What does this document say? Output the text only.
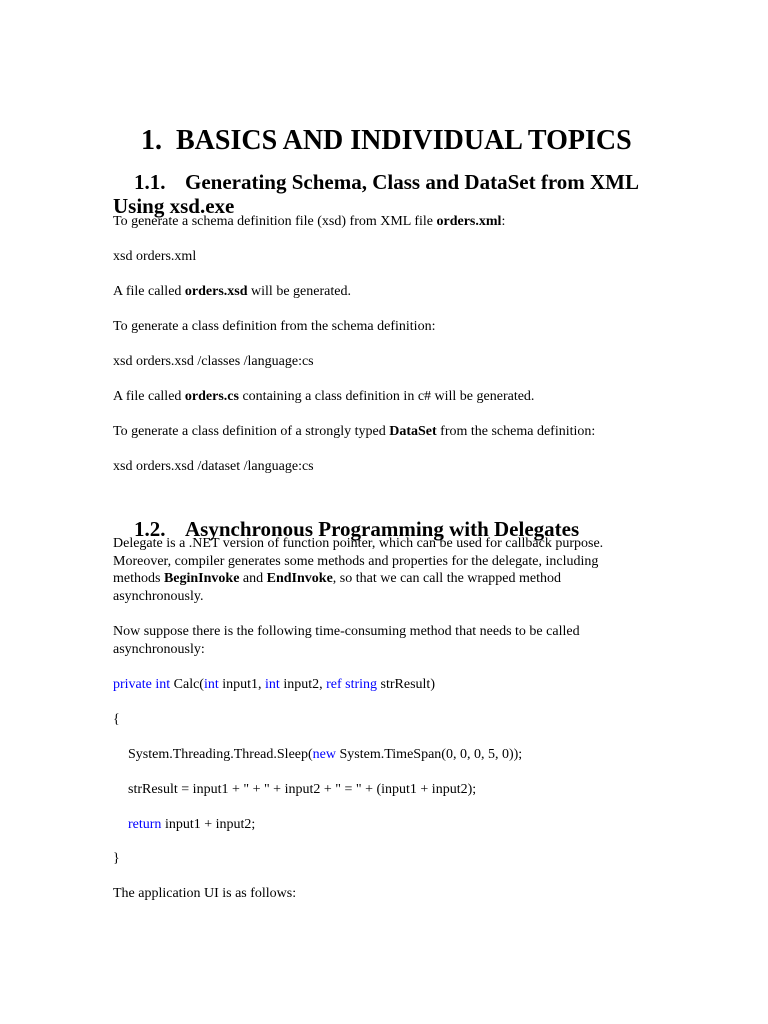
1. BASICS AND INDIVIDUAL TOPICS

1.1. Generating Schema, Class and DataSet from XML
Using xsd.exe

To generate a schema definition file (xsd) from XML file orders.xml:
xsd orders.xml
A file called orders.xsd will be generated.
To generate a class definition from the schema definition:
xsd orders.xsd /classes /language:cs
A file called orders.cs containing a class definition in c# will be generated.
To generate a class definition of a strongly typed DataSet from the schema definition:
xsd orders.xsd /dataset /language:cs

1.2. Asynchronous Programming with Delegates

Delegate is a .NET version of function pointer, which can be used for callback purpose.
Moreover, compiler generates some methods and properties for the delegate, including
methods BeginInvoke and EndInvoke, so that we can call the wrapped method
asynchronously.
Now suppose there is the following time-consuming method that needs to be called
asynchronously:
private int Calc(int input1, int input2, ref string strResult)
{
System.Threading.Thread.Sleep(new System.TimeSpan(0, 0, 0, 5, 0));
strResult = input1 + " + " + input2 + " = " + (input1 + input2);
return input1 + input2;
}
The application UI is as follows:
